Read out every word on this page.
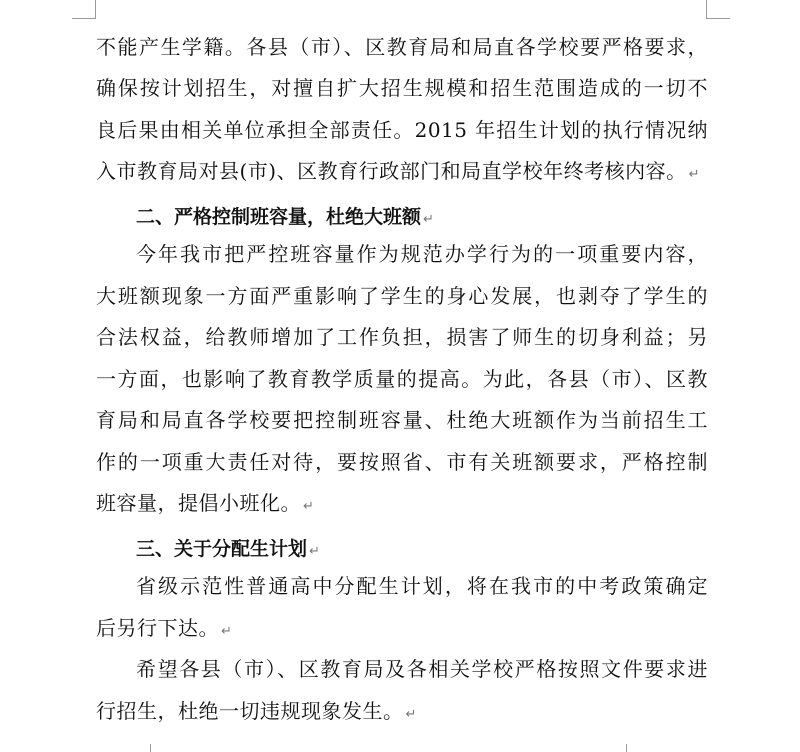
不能产生学籍。各县（市）、区教育局和局直各学校要严格要求，
确保按计划招生，对擅自扩大招生规模和招生范围造成的一切不
良后果由相关单位承担全部责任。2015 年招生计划的执行情况纳
入市教育局对县(市)、区教育行政部门和局直学校年终考核内容。 ↵
二、严格控制班容量，杜绝大班额 ↵
今年我市把严控班容量作为规范办学行为的一项重要内容，
大班额现象一方面严重影响了学生的身心发展，也剥夺了学生的
合法权益，给教师增加了工作负担，损害了师生的切身利益；另
一方面，也影响了教育教学质量的提高。为此，各县（市）、区教
育局和局直各学校要把控制班容量、杜绝大班额作为当前招生工
作的一项重大责任对待，要按照省、市有关班额要求，严格控制
班容量，提倡小班化。 ↵
三、关于分配生计划 ↵
省级示范性普通高中分配生计划，将在我市的中考政策确定
后另行下达。 ↵
希望各县（市）、区教育局及各相关学校严格按照文件要求进
行招生，杜绝一切违规现象发生。 ↵
